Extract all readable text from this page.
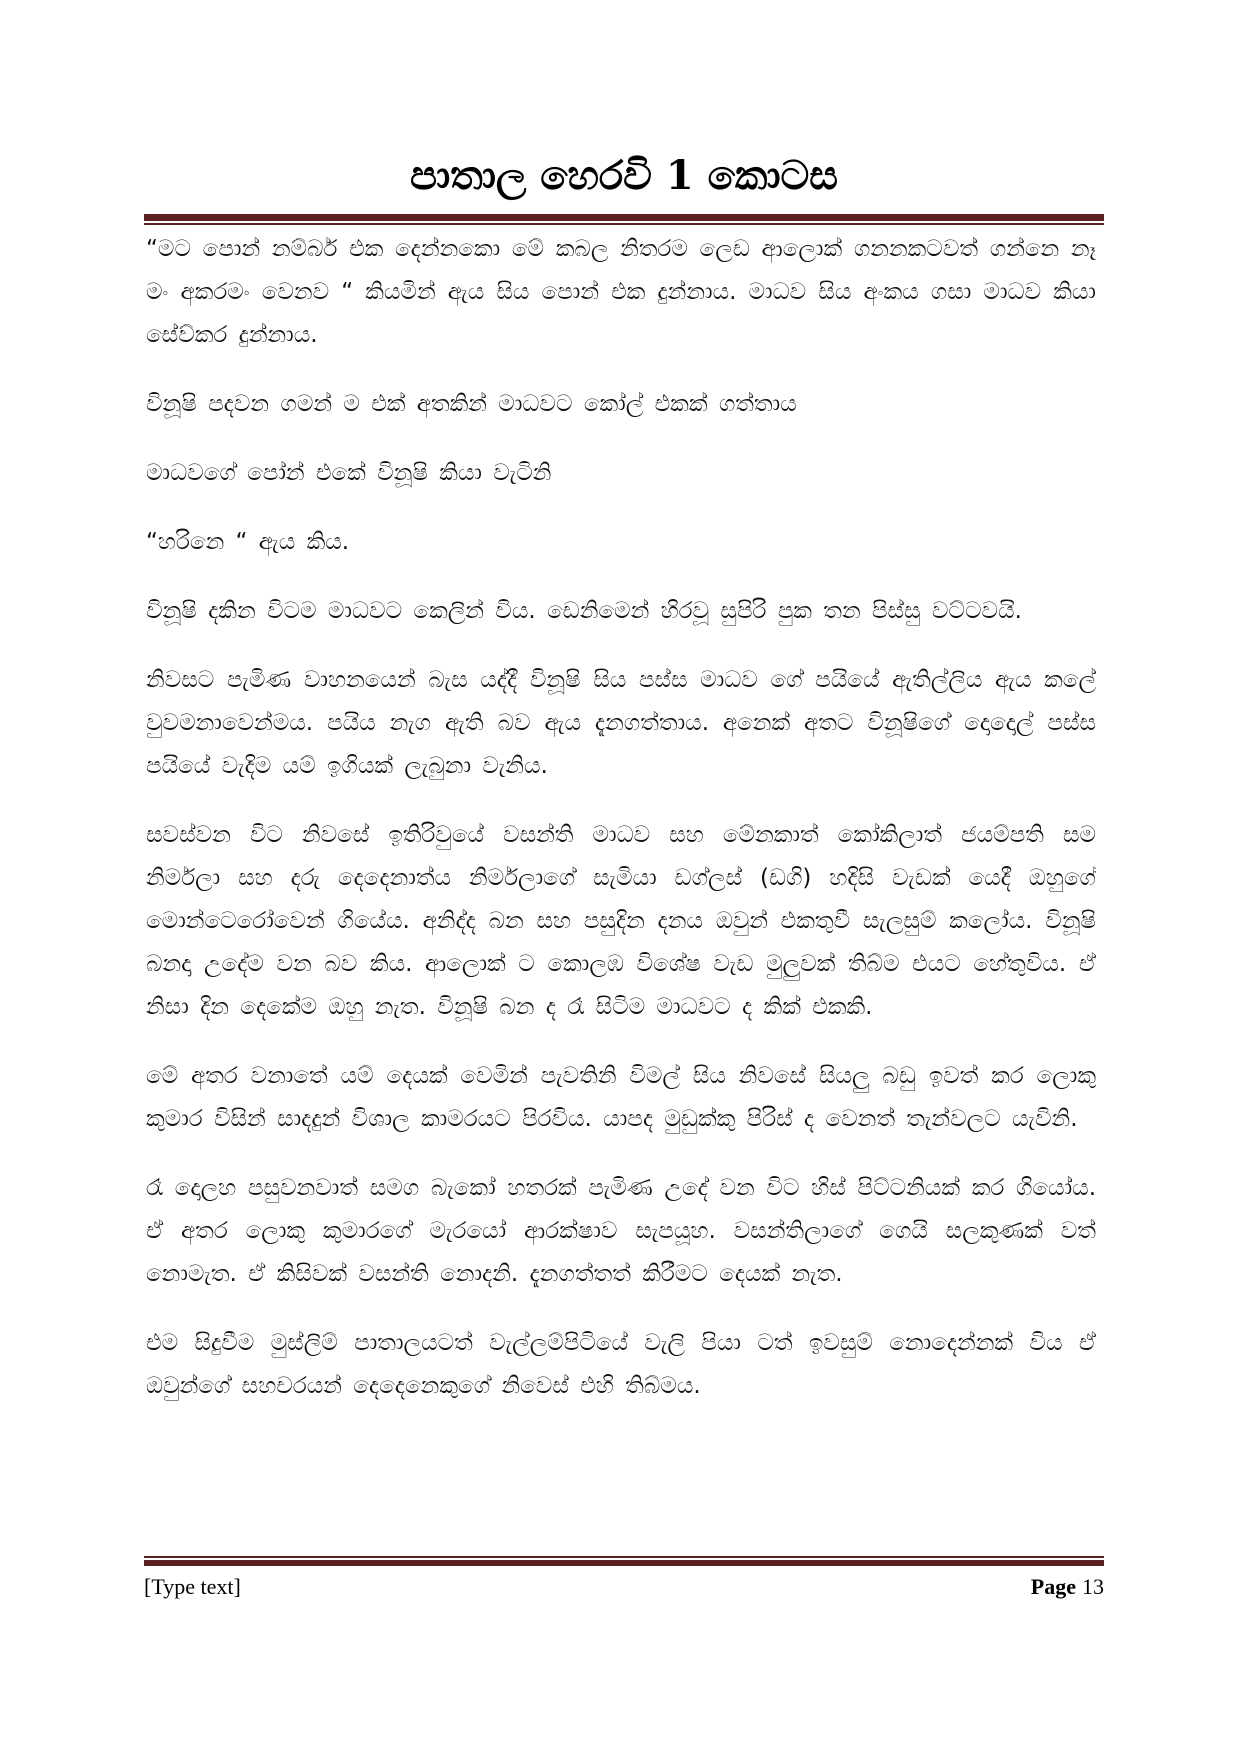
පාතාල හෙරවි 1 කොටස

“මට පොන් නම්බර් එක දෙන්නකො මේ කබල නිතරම ලෙඩ ආලොක් ගනනකටවත් ගන්නෙ නෑ මං අකරමං වෙනව “ කියමින් ඇය සිය පොන් එක දුන්නාය. මාධව සිය අංකය ගසා මාධව කියා සේව්කර දුන්නාය.

විනූෂි පදවන ගමන් ම එක් අතකින් මාධවට කෝල් එකක් ගත්තාය

මාධවගේ පෝන් එකේ විනූෂි කියා වැටිනි

“හරිනෙ “ ඇය කිය.

විනූෂි දකින විටම මාධවට කෙලින් විය. ඩෙනිමෙන් හිරවූ සුපිරි පුක තන පිස්සු වට්ටවයි.

නිවසට පැමිණ වාහනයෙන් බැස යද්දී විනූෂි සිය පස්ස මාධව ගේ පයියේ ඇතිල්ලිය ඇය කලේ වුවමනාවෙන්මය. පයිය නැග ඇති බව ඇය දැනගත්තාය. අනෙක් අතට විනූෂිගේ දොදොල් පස්ස පයියේ වැදිම යම් ඉගියක් ලැබුනා වැනිය.

සවස්වන විට නිවසේ ඉතිරිවුයේ වසන්ති මාධව සහ මේනකාත් කෝකිලාත් ජයම්පති සම නිර්මලා සහ දරු දෙදෙනාත්ය නිර්මලාගේ සැමියා ඩග්ලස් (ඩගි) හදිසි වැඩක් යෙදී ඔහුගේ මොන්ටෙරෝවෙන් ගියේය. අනිද්ද බන සහ පසුදින දනය ඔවුන් එකතුවී සැලසුම් කලෝය. විනූෂි බනදා උදේම වන බව කිය. ආලොක් ට කොලඹ විශේෂ වැඩ මුලුවක් තිබ්ම එයට හේතුවිය. ඒ නිසා දින දෙකේම ඔහු නැත. විනූෂි බන ද රෑ සිටිම මාධවට ද කික් එකකි.

මේ අතර වනාතේ යම් දෙයක් වෙමින් පැවතිනි විමල් සිය නිවසේ සියලු බඩු ඉවත් කර ලොකු කුමාර විසින් සාදදුන් විශාල කාමරයට පිරවිය. යාපද මුඩුක්කු පිරිස් ද වෙනත් තැන්වලට යැවිනි.

රෑ දොලහ පසුවනවාත් සමග බැකෝ හතරක් පැමිණ උදේ වන විට හිස් පිට්ටනියක් කර ගියෝය. ඒ අතර ලොකු කුමාරගේ මැරයෝ ආරක්ෂාව සැපයූහ. වසන්තිලාගේ ගෙයි සලකුණක් වත් නොමැත. ඒ කිසිවක් වසන්ති නොදනි. දැනගත්තත් කිරීමට දෙයක් නැත.

එම සිදුවීම මුස්ලිම් පාතාලයටත් වැල්ලම්පිටියේ වැලි පියා ටත් ඉවසුම් නොදෙන්නක් විය ඒ ඔවුන්ගේ සහචරයන් දෙදෙනෙකුගේ නිවෙස් එහි තිබ්මය.

[Type text]	Page 13
